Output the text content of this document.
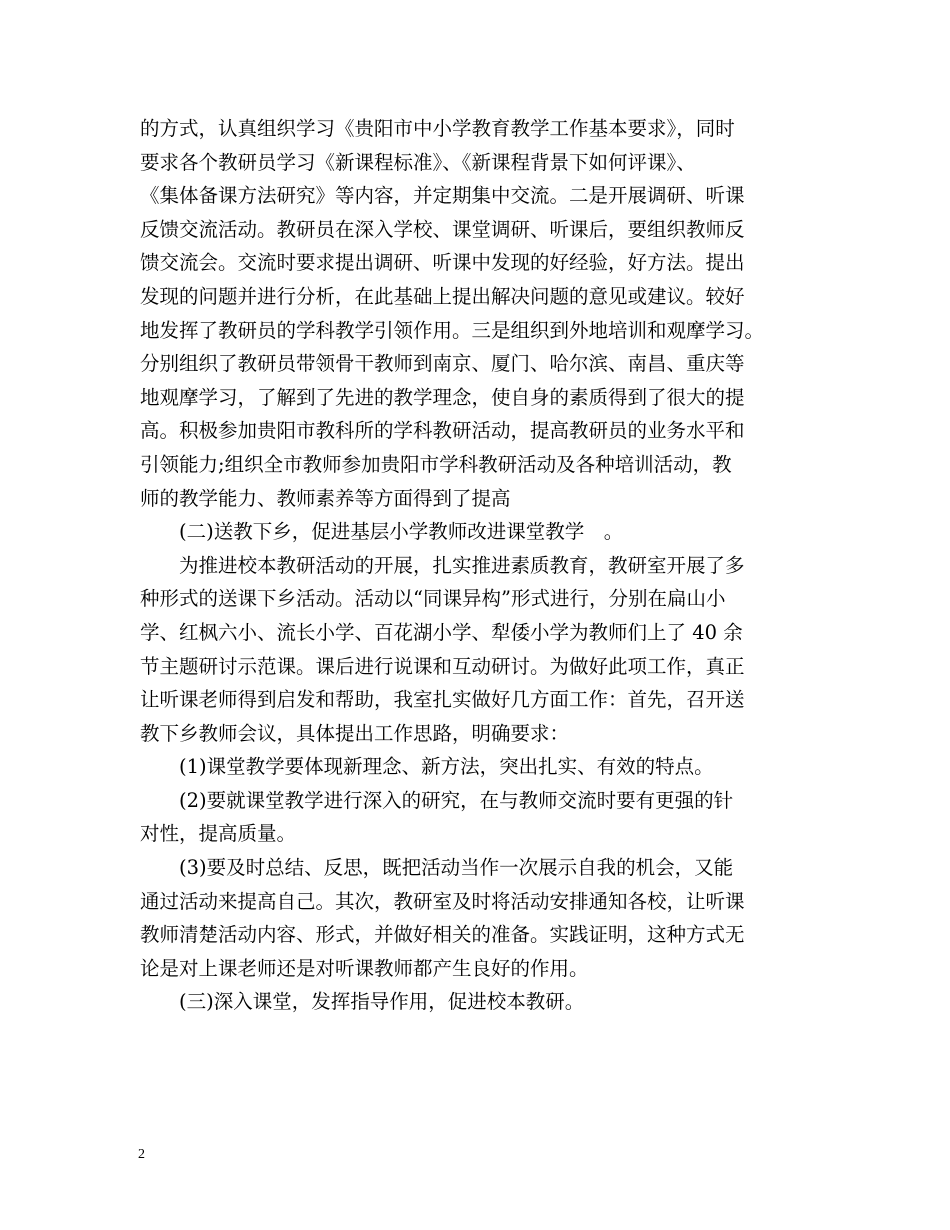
的方式，认真组织学习《贵阳市中小学教育教学工作基本要求》，同时
要求各个教研员学习《新课程标准》、《新课程背景下如何评课》、
《集体备课方法研究》等内容，并定期集中交流。二是开展调研、听课
反馈交流活动。教研员在深入学校、课堂调研、听课后，要组织教师反
馈交流会。交流时要求提出调研、听课中发现的好经验，好方法。提出
发现的问题并进行分析，在此基础上提出解决问题的意见或建议。较好
地发挥了教研员的学科教学引领作用。三是组织到外地培训和观摩学习。
分别组织了教研员带领骨干教师到南京、厦门、哈尔滨、南昌、重庆等
地观摩学习，了解到了先进的教学理念，使自身的素质得到了很大的提
高。积极参加贵阳市教科所的学科教研活动，提高教研员的业务水平和
引领能力;组织全市教师参加贵阳市学科教研活动及各种培训活动，教
师的教学能力、教师素养等方面得到了提高
　　(二)送教下乡，促进基层小学教师改进课堂教学　。
　　为推进校本教研活动的开展，扎实推进素质教育，教研室开展了多
种形式的送课下乡活动。活动以“同课异构”形式进行，分别在扁山小
学、红枫六小、流长小学、百花湖小学、犁倭小学为教师们上了 40 余
节主题研讨示范课。课后进行说课和互动研讨。为做好此项工作，真正
让听课老师得到启发和帮助，我室扎实做好几方面工作：首先，召开送
教下乡教师会议，具体提出工作思路，明确要求：
　　(1)课堂教学要体现新理念、新方法，突出扎实、有效的特点。
　　(2)要就课堂教学进行深入的研究，在与教师交流时要有更强的针
对性，提高质量。
　　(3)要及时总结、反思，既把活动当作一次展示自我的机会，又能
通过活动来提高自己。其次，教研室及时将活动安排通知各校，让听课
教师清楚活动内容、形式，并做好相关的准备。实践证明，这种方式无
论是对上课老师还是对听课教师都产生良好的作用。
　　(三)深入课堂，发挥指导作用，促进校本教研。
2
